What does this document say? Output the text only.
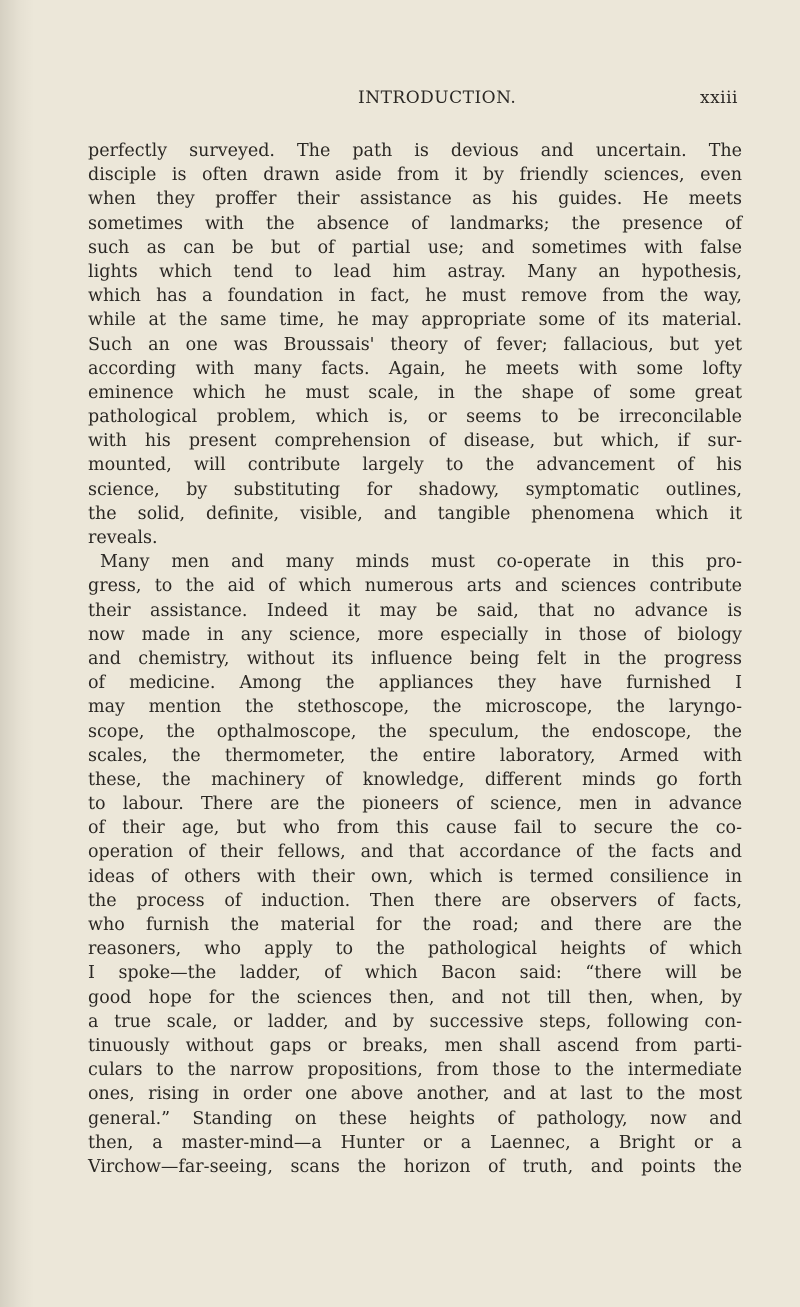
INTRODUCTION.	xxiii
perfectly surveyed. The path is devious and uncertain. The
disciple is often drawn aside from it by friendly sciences, even
when they proffer their assistance as his guides. He meets
sometimes with the absence of landmarks; the presence of
such as can be but of partial use; and sometimes with false
lights which tend to lead him astray. Many an hypothesis,
which has a foundation in fact, he must remove from the way,
while at the same time, he may appropriate some of its material.
Such an one was Broussais' theory of fever; fallacious, but yet
according with many facts. Again, he meets with some lofty
eminence which he must scale, in the shape of some great
pathological problem, which is, or seems to be irreconcilable
with his present comprehension of disease, but which, if sur-
mounted, will contribute largely to the advancement of his
science, by substituting for shadowy, symptomatic outlines,
the solid, definite, visible, and tangible phenomena which it
reveals.
Many men and many minds must co-operate in this pro-
gress, to the aid of which numerous arts and sciences contribute
their assistance. Indeed it may be said, that no advance is
now made in any science, more especially in those of biology
and chemistry, without its influence being felt in the progress
of medicine. Among the appliances they have furnished I
may mention the stethoscope, the microscope, the laryngo-
scope, the opthalmoscope, the speculum, the endoscope, the
scales, the thermometer, the entire laboratory, Armed with
these, the machinery of knowledge, different minds go forth
to labour. There are the pioneers of science, men in advance
of their age, but who from this cause fail to secure the co-
operation of their fellows, and that accordance of the facts and
ideas of others with their own, which is termed consilience in
the process of induction. Then there are observers of facts,
who furnish the material for the road; and there are the
reasoners, who apply to the pathological heights of which
I spoke—the ladder, of which Bacon said: “there will be
good hope for the sciences then, and not till then, when, by
a true scale, or ladder, and by successive steps, following con-
tinuously without gaps or breaks, men shall ascend from parti-
culars to the narrow propositions, from those to the intermediate
ones, rising in order one above another, and at last to the most
general.” Standing on these heights of pathology, now and
then, a master-mind—a Hunter or a Laennec, a Bright or a
Virchow—far-seeing, scans the horizon of truth, and points the
